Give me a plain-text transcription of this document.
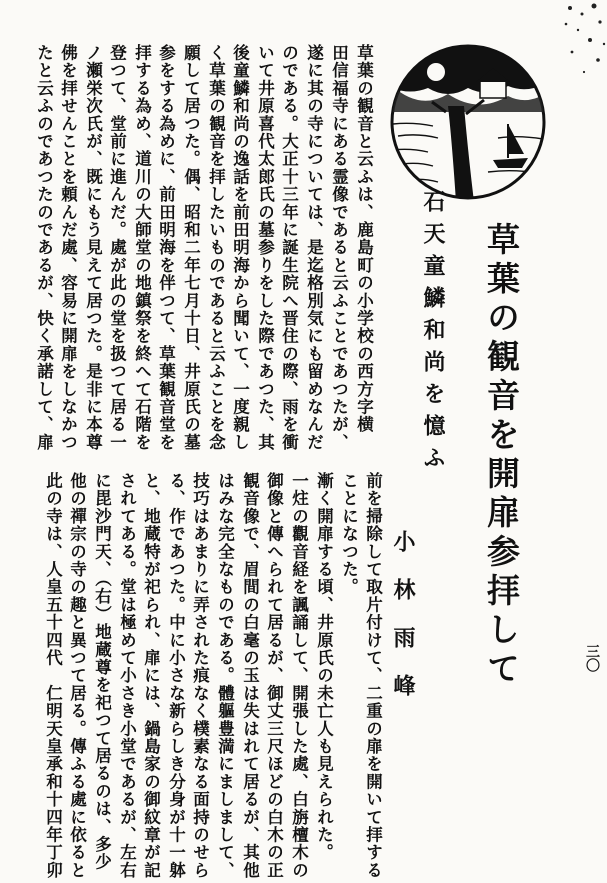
草葉の観音と云ふは、鹿島町の小学校の西方字横
田信福寺にある霊像であると云ふことであつたが、
遂に其の寺については、是迄格別気にも留めなんだ
のである。大正十三年に誕生院へ晋住の際、雨を衝
いて井原喜代太郎氏の墓参りをした際であつた、其
後童鱗和尚の逸話を前田明海から聞いて、一度親し
く草葉の観音を拝したいものであると云ふことを念
願して居つた。偶、昭和二年七月十日、井原氏の墓
参をする為めに、前田明海を伴つて、草葉観音堂を
拝する為め、道川の大師堂の地鎮祭を終へて石階を
登つて、堂前に進んだ。處が此の堂を扱つて居る一
ノ瀬栄次氏が、既にもう見えて居つた。是非に本尊
佛を拝せんことを頼んだ處、容易に開扉をしなかつ
たと云ふのであつたのであるが、快く承諾して、扉	草葉の観音を開扉参拝して
石天童鱗和尚を憶ふ
小林雨峰
前を掃除して取片付けて、二重の扉を開いて拝する
ことになつた。
漸く開扉する頃、井原氏の未亡人も見えられた。
一炷の觀音経を諷誦して、開張した處、白旃檀木の
御像と傳へられて居るが、御丈三尺ほどの白木の正
観音像で、眉間の白毫の玉は失はれて居るが、其他
はみな完全なものである。體軀豊満にましまして、
技巧はあまりに弄された痕なく樸素なる面持のせら
る、作であつた。中に小さな新らしき分身が十一躰
と、地蔵特が祀られ、扉には、鍋島家の御紋章が記
されてある。堂は極めて小さき小堂であるが、左右
に毘沙門天、（右）地蔵尊を祀つて居るのは、多少
他の禪宗の寺の趣と異つて居る。傳ふる處に依ると
此の寺は、人皇五十四代　仁明天皇承和十四年丁卯	三〇
